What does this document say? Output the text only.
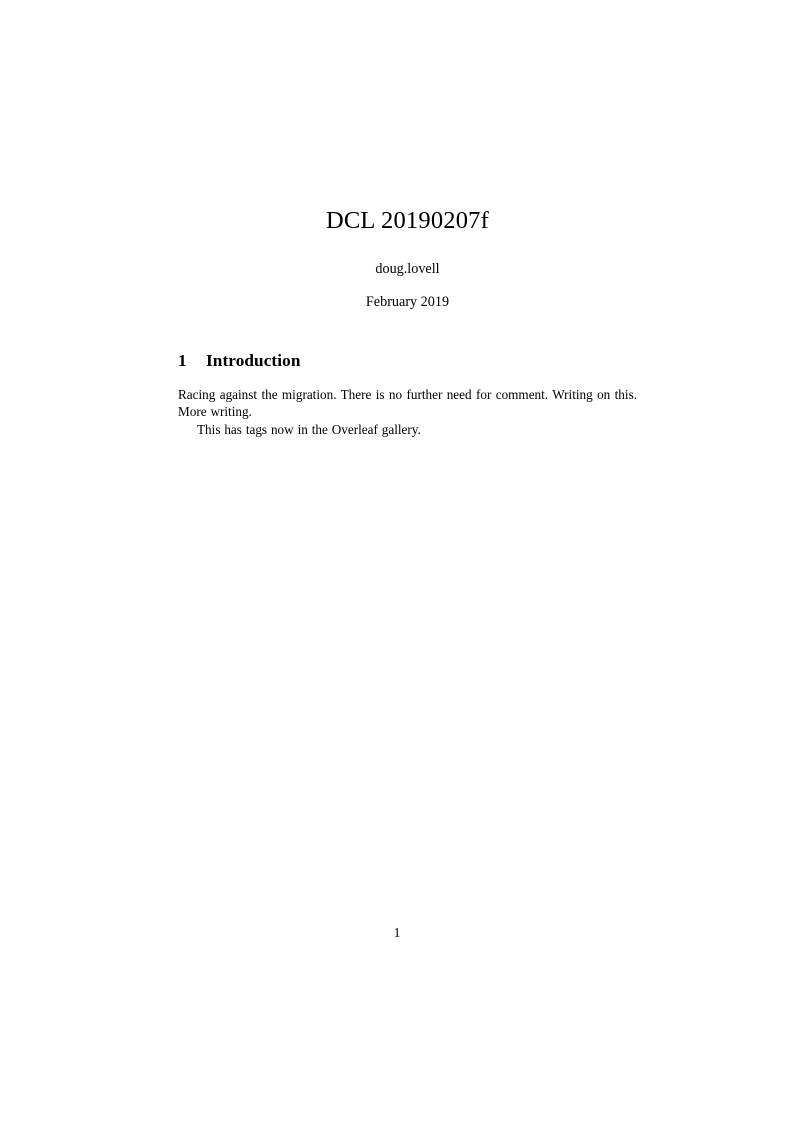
DCL 20190207f

doug.lovell

February 2019

1 Introduction

Racing against the migration. There is no further need for comment. Writing on this. More writing.

This has tags now in the Overleaf gallery.

1
